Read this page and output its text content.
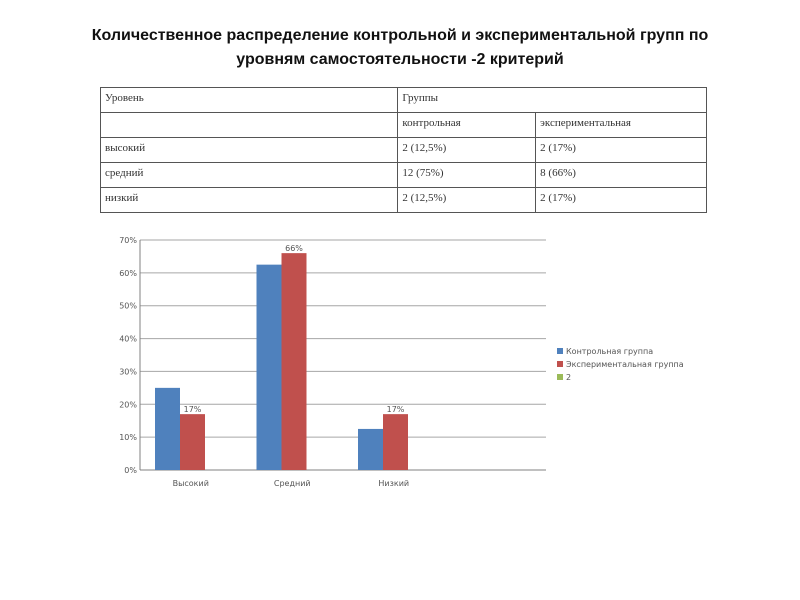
Количественное распределение контрольной и экспериментальной групп по
уровням самостоятельности -2 критерий
Уровень	Группы	
	контрольная	экспериментальная
высокий	2 (12,5%)	2 (17%)
средний	12 (75%)	8 (66%)
низкий	2 (12,5%)	2 (17%)
0%
10%
20%
30%
40%
50%
60%
70%
Высокий
17%
Средний
66%
Низкий
17%
Контрольная группа
Экспериментальная группа
2
